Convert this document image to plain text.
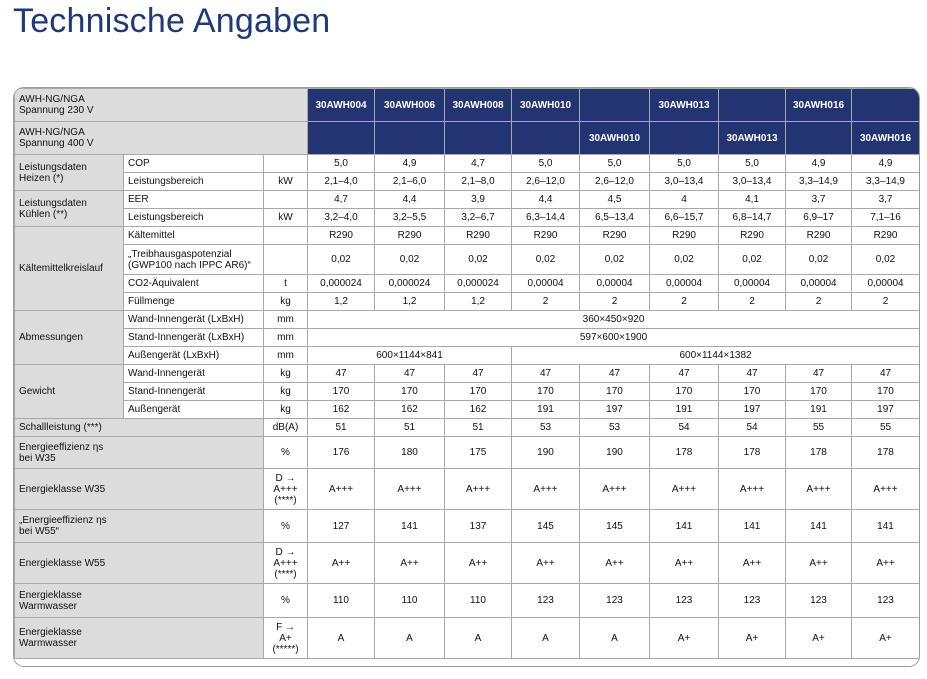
Technische Angaben
AWH-NG/NGA
Spannung 230 V			30AWH004	30AWH006	30AWH008	30AWH010		30AWH013		30AWH016	
AWH-NG/NGA
Spannung 400 V							30AWH010		30AWH013		30AWH016
Leistungsdaten
Heizen (*)	COP		5,0	4,9	4,7	5,0	5,0	5,0	5,0	4,9	4,9
	Leistungsbereich	kW	2,1–4,0	2,1–6,0	2,1–8,0	2,6–12,0	2,6–12,0	3,0–13,4	3,0–13,4	3,3–14,9	3,3–14,9
Leistungsdaten
Kühlen (**)	EER		4,7	4,4	3,9	4,4	4,5	4	4,1	3,7	3,7
	Leistungsbereich	kW	3,2–4,0	3,2–5,5	3,2–6,7	6,3–14,4	6,5–13,4	6,6–15,7	6,8–14,7	6,9–17	7,1–16
Kältemittelkreislauf	Kältemittel		R290	R290	R290	R290	R290	R290	R290	R290	R290
	„Treibhausgaspotenzial
(GWP100 nach IPPC AR6)“		0,02	0,02	0,02	0,02	0,02	0,02	0,02	0,02	0,02
	CO2-Äquivalent	t	0,000024	0,000024	0,000024	0,00004	0,00004	0,00004	0,00004	0,00004	0,00004
	Füllmenge	kg	1,2	1,2	1,2	2	2	2	2	2	2
Abmessungen	Wand-Innengerät (LxBxH)	mm	360×450×920								
	Stand-Innengerät (LxBxH)	mm	597×600×1900								
	Außengerät (LxBxH)	mm	600×1144×841			600×1144×1382					
Gewicht	Wand-Innengerät	kg	47	47	47	47	47	47	47	47	47
	Stand-Innengerät	kg	170	170	170	170	170	170	170	170	170
	Außengerät	kg	162	162	162	191	197	191	197	191	197
Schallleistung (***)		dB(A)	51	51	51	53	53	54	54	55	55
Energieeffizienz ηs
bei W35		%	176	180	175	190	190	178	178	178	178
Energieklasse W35		D →
A+++
(****)	A+++	A+++	A+++	A+++	A+++	A+++	A+++	A+++	A+++
„Energieeffizienz ηs
bei W55“		%	127	141	137	145	145	141	141	141	141
Energieklasse W55		D →
A+++
(****)	A++	A++	A++	A++	A++	A++	A++	A++	A++
Energieklasse
Warmwasser		%	110	110	110	123	123	123	123	123	123
Energieklasse
Warmwasser		F →
A+
(*****)	A	A	A	A	A	A+	A+	A+	A+
